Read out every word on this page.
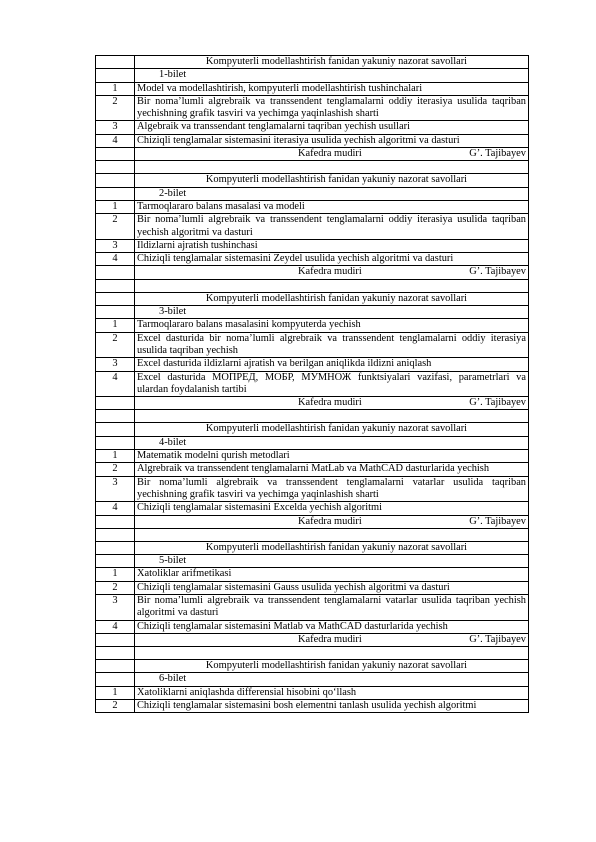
	Kompyuterli modellashtirish fanidan yakuniy nazorat savollari
	1-bilet
1	Model va modellashtirish, kompyuterli modellashtirish tushinchalari
2	Bir noma’lumli algrebraik va transsendent tenglamalarni oddiy iterasiya usulida taqriban yechishning grafik tasviri va yechimga yaqinlashish sharti
3	Algebraik va transsendant tenglamalarni taqriban yechish usullari
4	Chiziqli tenglamalar sistemasini iterasiya usulida yechish algoritmi va dasturi

	Kafedra mudiri G’. Tajibayev

	Kompyuterli modellashtirish fanidan yakuniy nazorat savollari
	2-bilet
1	Tarmoqlararo balans masalasi va modeli
2	Bir noma’lumli algrebraik va transsendent tenglamalarni oddiy iterasiya usulida taqriban yechish algoritmi va dasturi
3	Ildizlarni ajratish tushinchasi
4	Chiziqli tenglamalar sistemasini Zeydel usulida yechish algoritmi va dasturi

	Kafedra mudiri G’. Tajibayev

	Kompyuterli modellashtirish fanidan yakuniy nazorat savollari
	3-bilet
1	Tarmoqlararo balans masalasini kompyuterda yechish
2	Excel dasturida bir noma’lumli algrebraik va transsendent tenglamalarni oddiy iterasiya usulida taqriban yechish
3	Excel dasturida ildizlarni ajratish va berilgan aniqlikda ildizni aniqlash
4	Excel dasturida МОПРЕД, МОБР, МУМНОЖ funktsiyalari vazifasi, parametrlari va ulardan foydalanish tartibi

	Kafedra mudiri G’. Tajibayev

	Kompyuterli modellashtirish fanidan yakuniy nazorat savollari
	4-bilet
1	Matematik modelni qurish metodlari
2	Algrebraik va transsendent tenglamalarni MatLab va MathCAD dasturlarida yechish
3	Bir noma’lumli algrebraik va transsendent tenglamalarni vatarlar usulida taqriban yechishning grafik tasviri va yechimga yaqinlashish sharti
4	Chiziqli tenglamalar sistemasini Excelda yechish algoritmi

	Kafedra mudiri G’. Tajibayev

	Kompyuterli modellashtirish fanidan yakuniy nazorat savollari
	5-bilet
1	Xatoliklar arifmetikasi
2	Chiziqli tenglamalar sistemasini Gauss usulida yechish algoritmi va dasturi
3	Bir noma’lumli algrebraik va transsendent tenglamalarni vatarlar usulida taqriban yechish algoritmi va dasturi
4	Chiziqli tenglamalar sistemasini Matlab va MathCAD dasturlarida yechish

	Kafedra mudiri G’. Tajibayev

	Kompyuterli modellashtirish fanidan yakuniy nazorat savollari
	6-bilet
1	Xatoliklarni aniqlashda differensial hisobini qo‘llash
2	Chiziqli tenglamalar sistemasini bosh elementni tanlash usulida yechish algoritmi
